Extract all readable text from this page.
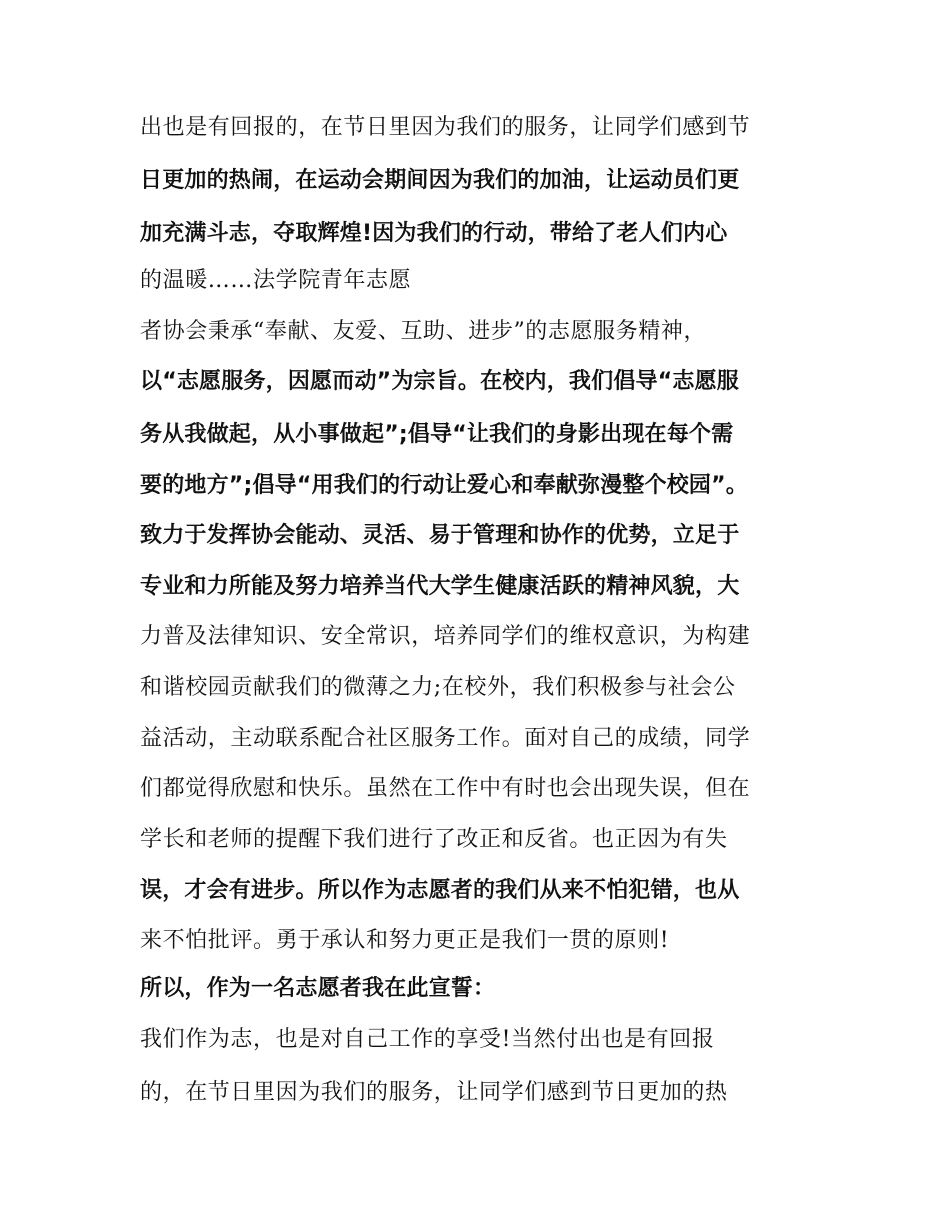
出也是有回报的，在节日里因为我们的服务，让同学们感到节
日更加的热闹，在运动会期间因为我们的加油，让运动员们更
加充满斗志，夺取辉煌!因为我们的行动，带给了老人们内心
的温暖……法学院青年志愿
者协会秉承“奉献、友爱、互助、进步”的志愿服务精神，
以“志愿服务，因愿而动”为宗旨。在校内，我们倡导“志愿服
务从我做起，从小事做起”;倡导“让我们的身影出现在每个需
要的地方”;倡导“用我们的行动让爱心和奉献弥漫整个校园”。
致力于发挥协会能动、灵活、易于管理和协作的优势，立足于
专业和力所能及努力培养当代大学生健康活跃的精神风貌，大
力普及法律知识、安全常识，培养同学们的维权意识，为构建
和谐校园贡献我们的微薄之力;在校外，我们积极参与社会公
益活动，主动联系配合社区服务工作。面对自己的成绩，同学
们都觉得欣慰和快乐。虽然在工作中有时也会出现失误，但在
学长和老师的提醒下我们进行了改正和反省。也正因为有失
误，才会有进步。所以作为志愿者的我们从来不怕犯错，也从
来不怕批评。勇于承认和努力更正是我们一贯的原则!
所以，作为一名志愿者我在此宣誓：
我们作为志，也是对自己工作的享受!当然付出也是有回报
的，在节日里因为我们的服务，让同学们感到节日更加的热
